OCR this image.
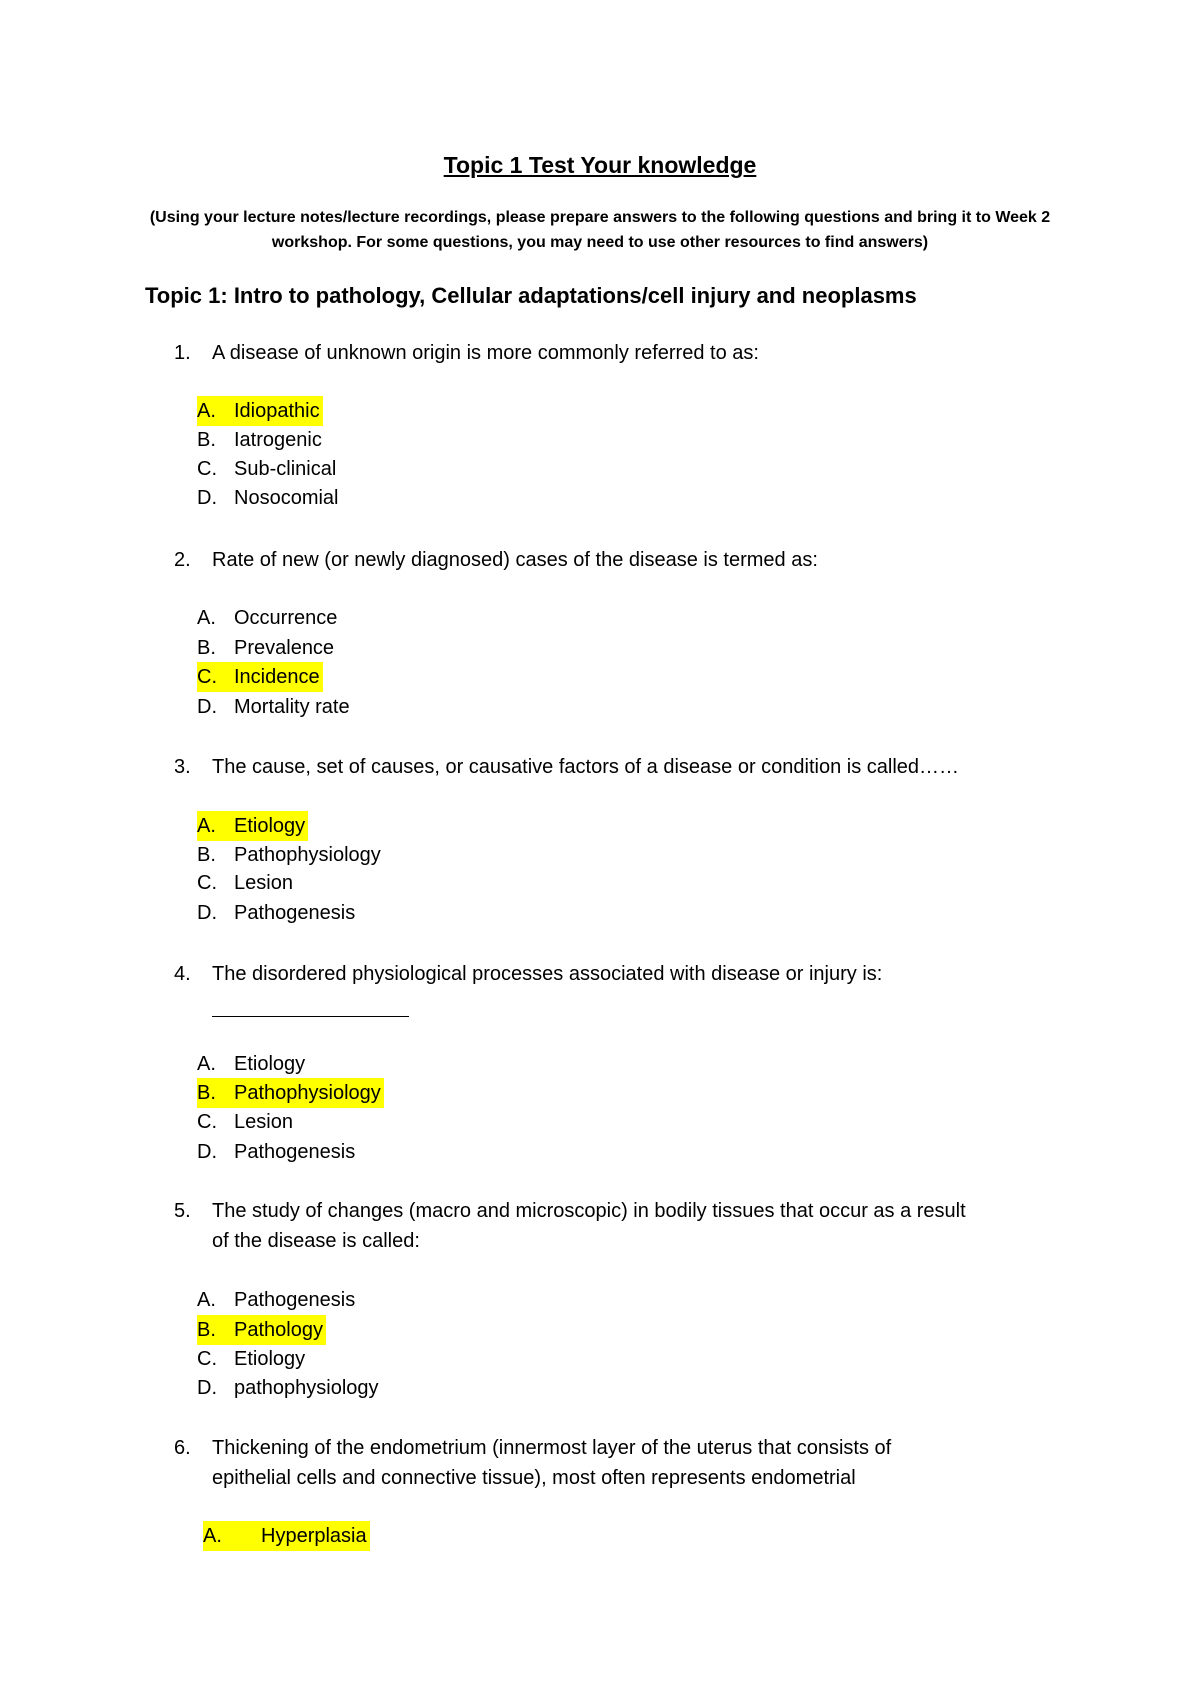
Topic 1 Test Your knowledge
(Using your lecture notes/lecture recordings, please prepare answers to the following questions and bring it to Week 2 workshop. For some questions, you may need to use other resources to find answers)
Topic 1: Intro to pathology, Cellular adaptations/cell injury and neoplasms
1. A disease of unknown origin is more commonly referred to as:
A. Idiopathic
B. Iatrogenic
C. Sub-clinical
D. Nosocomial
2. Rate of new (or newly diagnosed) cases of the disease is termed as:
A. Occurrence
B. Prevalence
C. Incidence
D. Mortality rate
3. The cause, set of causes, or causative factors of a disease or condition is called……
A. Etiology
B. Pathophysiology
C. Lesion
D. Pathogenesis
4. The disordered physiological processes associated with disease or injury is:
A. Etiology
B. Pathophysiology
C. Lesion
D. Pathogenesis
5. The study of changes (macro and microscopic) in bodily tissues that occur as a result
of the disease is called:
A.Pathogenesis
B. Pathology
C. Etiology
D. pathophysiology
6. Thickening of the endometrium (innermost layer of the uterus that consists of
epithelial cells and connective tissue), most often represents endometrial
A. Hyperplasia
